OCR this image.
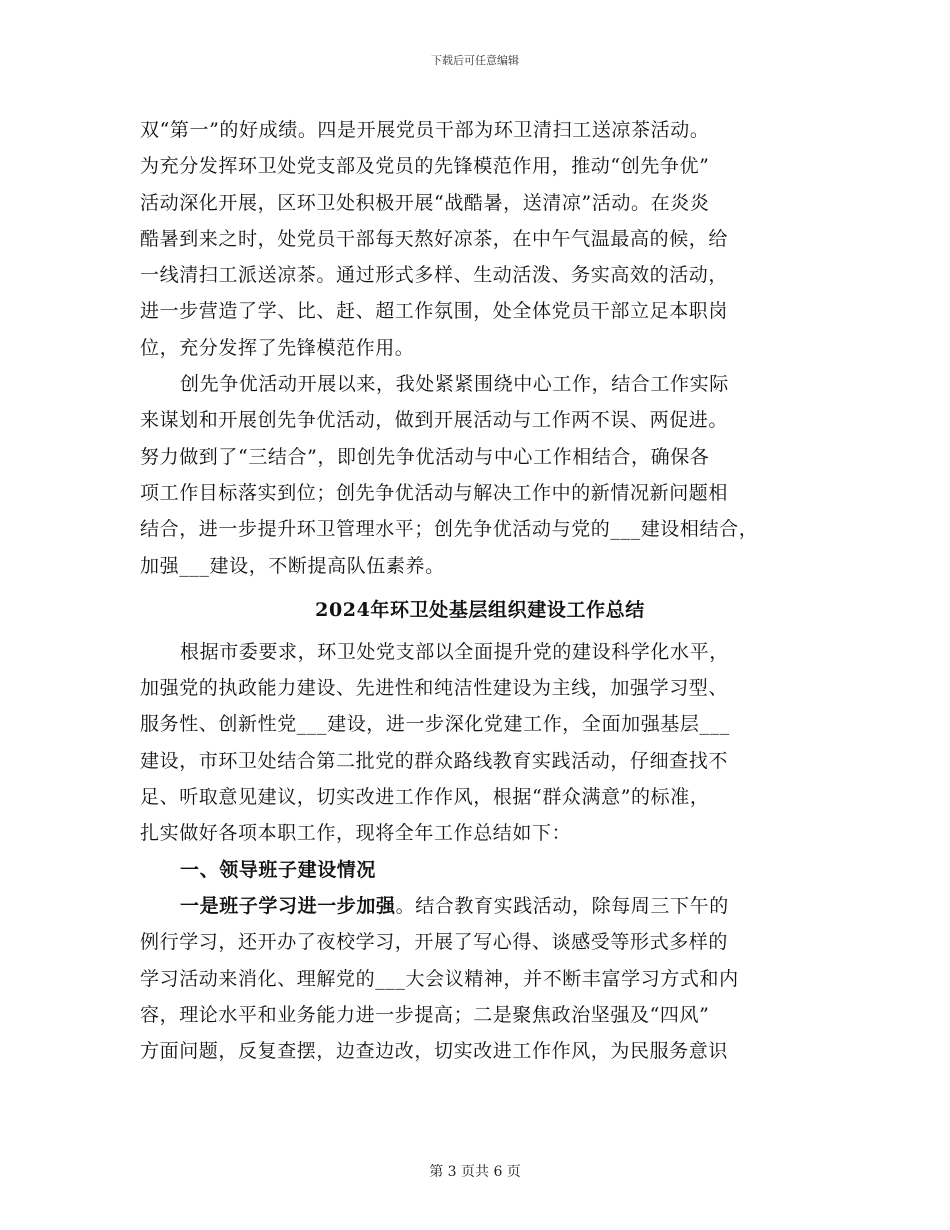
下载后可任意编辑
双“第一”的好成绩。四是开展党员干部为环卫清扫工送凉茶活动。
为充分发挥环卫处党支部及党员的先锋模范作用，推动“创先争优”
活动深化开展，区环卫处积极开展“战酷暑，送清凉”活动。在炎炎
酷暑到来之时，处党员干部每天熬好凉茶，在中午气温最高的候，给
一线清扫工派送凉茶。通过形式多样、生动活泼、务实高效的活动，
进一步营造了学、比、赶、超工作氛围，处全体党员干部立足本职岗
位，充分发挥了先锋模范作用。
创先争优活动开展以来，我处紧紧围绕中心工作，结合工作实际
来谋划和开展创先争优活动，做到开展活动与工作两不误、两促进。
努力做到了“三结合”，即创先争优活动与中心工作相结合，确保各
项工作目标落实到位；创先争优活动与解决工作中的新情况新问题相
结合，进一步提升环卫管理水平；创先争优活动与党的___建设相结合，
加强___建设，不断提高队伍素养。
2024年环卫处基层组织建设工作总结
根据市委要求，环卫处党支部以全面提升党的建设科学化水平，
加强党的执政能力建设、先进性和纯洁性建设为主线，加强学习型、
服务性、创新性党___建设，进一步深化党建工作，全面加强基层___
建设，市环卫处结合第二批党的群众路线教育实践活动，仔细查找不
足、听取意见建议，切实改进工作作风，根据“群众满意”的标准，
扎实做好各项本职工作，现将全年工作总结如下：
一、领导班子建设情况
一是班子学习进一步加强。结合教育实践活动，除每周三下午的
例行学习，还开办了夜校学习，开展了写心得、谈感受等形式多样的
学习活动来消化、理解党的___大会议精神，并不断丰富学习方式和内
容，理论水平和业务能力进一步提高；二是聚焦政治坚强及“四风”
方面问题，反复查摆，边查边改，切实改进工作作风，为民服务意识
第 3 页共 6 页
